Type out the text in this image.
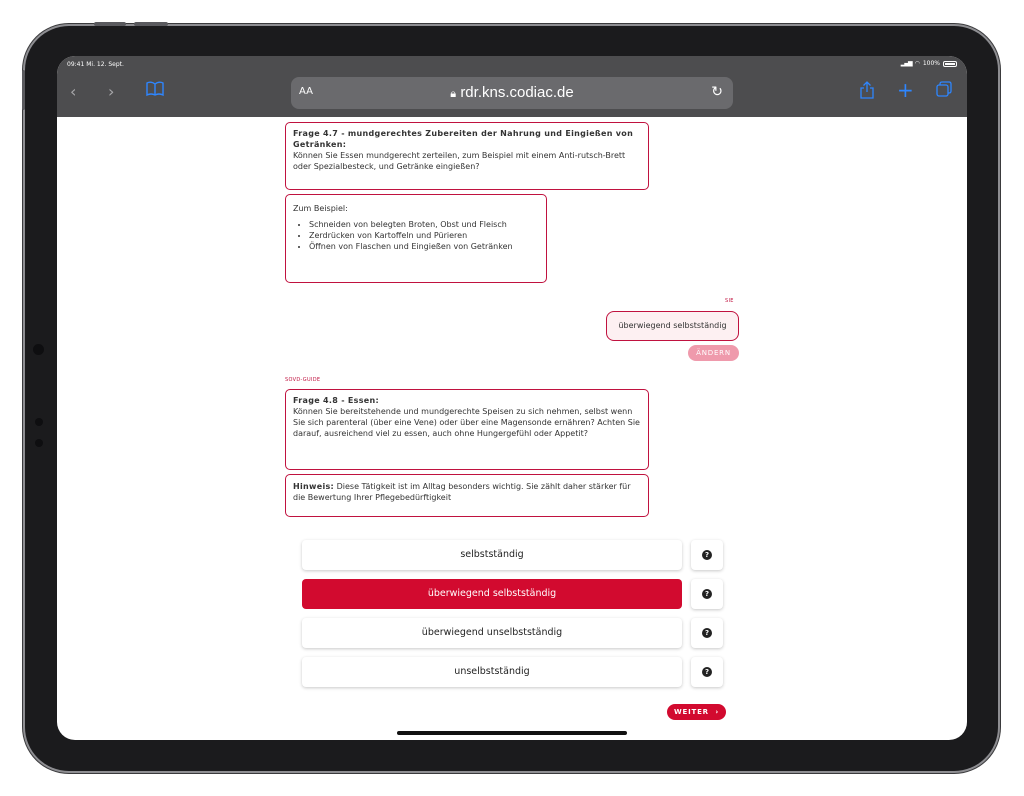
09:41 Mi. 12. Sept.	▂▄▆ ◠ 100%
‹ ›	AA	🔒︎ rdr.kns.codiac.de	↻	+
Frage 4.7 - mundgerechtes Zubereiten der Nahrung und Eingießen von Getränken:
Können Sie Essen mundgerecht zerteilen, zum Beispiel mit einem Anti-rutsch-Brett oder Spezialbesteck, und Getränke eingießen?
Zum Beispiel:
• Schneiden von belegten Broten, Obst und Fleisch
• Zerdrücken von Kartoffeln und Pürieren
• Öffnen von Flaschen und Eingießen von Getränken
SIE
überwiegend selbstständig
ÄNDERN
SOVD-GUIDE
Frage 4.8 - Essen:
Können Sie bereitstehende und mundgerechte Speisen zu sich nehmen, selbst wenn Sie sich parenteral (über eine Vene) oder über eine Magensonde ernähren? Achten Sie darauf, ausreichend viel zu essen, auch ohne Hungergefühl oder Appetit?
Hinweis: Diese Tätigkeit ist im Alltag besonders wichtig. Sie zählt daher stärker für die Bewertung Ihrer Pflegebedürftigkeit
selbstständig	?
überwiegend selbstständig	?
überwiegend unselbstständig	?
unselbstständig	?
WEITER  ›
